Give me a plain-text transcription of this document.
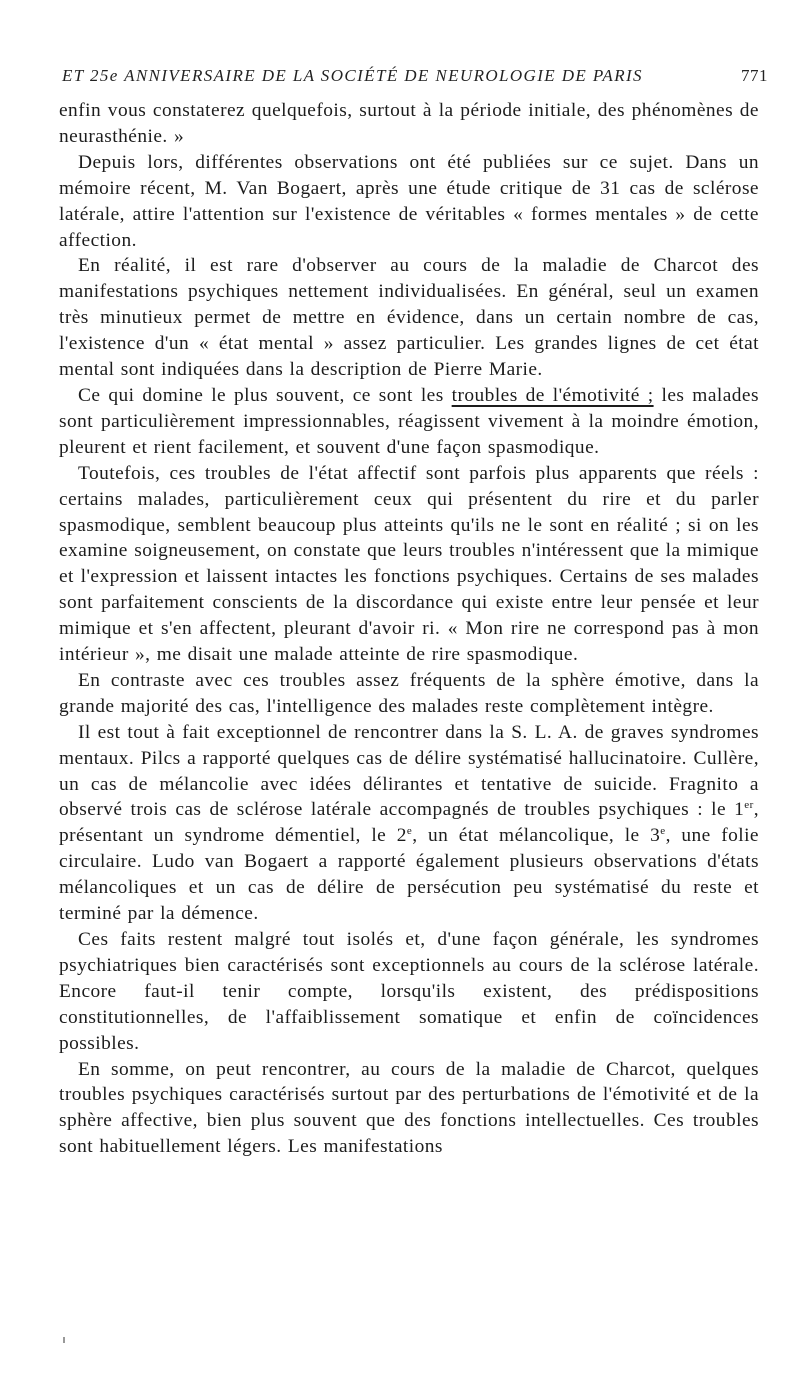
ET 25e ANNIVERSAIRE DE LA SOCIÉTÉ DE NEUROLOGIE DE PARIS	771

enfin vous constaterez quelquefois, surtout à la période initiale, des phénomènes de neurasthénie. »

Depuis lors, différentes observations ont été publiées sur ce sujet. Dans un mémoire récent, M. Van Bogaert, après une étude critique de 31 cas de sclérose latérale, attire l'attention sur l'existence de véritables « formes mentales » de cette affection.

En réalité, il est rare d'observer au cours de la maladie de Charcot des manifestations psychiques nettement individualisées. En général, seul un examen très minutieux permet de mettre en évidence, dans un certain nombre de cas, l'existence d'un « état mental » assez particulier. Les grandes lignes de cet état mental sont indiquées dans la description de Pierre Marie.

Ce qui domine le plus souvent, ce sont les troubles de l'émotivité ; les malades sont particulièrement impressionnables, réagissent vivement à la moindre émotion, pleurent et rient facilement, et souvent d'une façon spasmodique.

Toutefois, ces troubles de l'état affectif sont parfois plus apparents que réels : certains malades, particulièrement ceux qui présentent du rire et du parler spasmodique, semblent beaucoup plus atteints qu'ils ne le sont en réalité ; si on les examine soigneusement, on constate que leurs troubles n'intéressent que la mimique et l'expression et laissent intactes les fonctions psychiques. Certains de ses malades sont parfaitement conscients de la discordance qui existe entre leur pensée et leur mimique et s'en affectent, pleurant d'avoir ri. « Mon rire ne correspond pas à mon intérieur », me disait une malade atteinte de rire spasmodique.

En contraste avec ces troubles assez fréquents de la sphère émotive, dans la grande majorité des cas, l'intelligence des malades reste complètement intègre.

Il est tout à fait exceptionnel de rencontrer dans la S. L. A. de graves syndromes mentaux. Pilcs a rapporté quelques cas de délire systématisé hallucinatoire. Cullère, un cas de mélancolie avec idées délirantes et tentative de suicide. Fragnito a observé trois cas de sclérose latérale accompagnés de troubles psychiques : le 1er, présentant un syndrome démentiel, le 2e, un état mélancolique, le 3e, une folie circulaire. Ludo van Bogaert a rapporté également plusieurs observations d'états mélancoliques et un cas de délire de persécution peu systématisé du reste et terminé par la démence.

Ces faits restent malgré tout isolés et, d'une façon générale, les syndromes psychiatriques bien caractérisés sont exceptionnels au cours de la sclérose latérale. Encore faut-il tenir compte, lorsqu'ils existent, des prédispositions constitutionnelles, de l'affaiblissement somatique et enfin de coïncidences possibles.

En somme, on peut rencontrer, au cours de la maladie de Charcot, quelques troubles psychiques caractérisés surtout par des perturbations de l'émotivité et de la sphère affective, bien plus souvent que des fonctions intellectuelles. Ces troubles sont habituellement légers. Les manifestations
